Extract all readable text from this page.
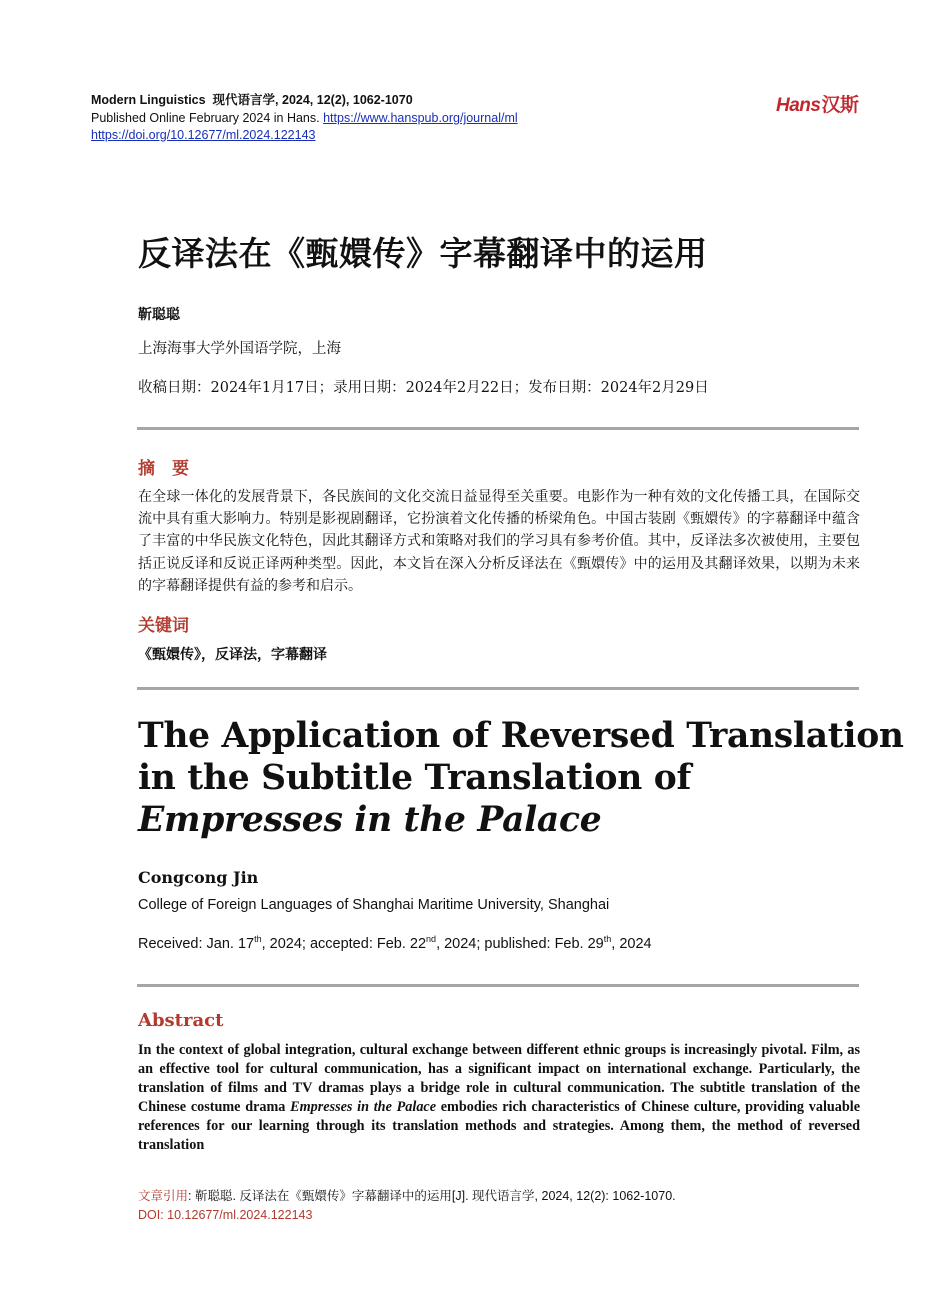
Modern Linguistics 现代语言学, 2024, 12(2), 1062-1070
Published Online February 2024 in Hans. https://www.hanspub.org/journal/ml
https://doi.org/10.12677/ml.2024.122143
Hans汉斯
反译法在《甄嬛传》字幕翻译中的运用
靳聪聪
上海海事大学外国语学院，上海
收稿日期：2024年1月17日；录用日期：2024年2月22日；发布日期：2024年2月29日
摘　要
在全球一体化的发展背景下，各民族间的文化交流日益显得至关重要。电影作为一种有效的文化传播工具，在国际交流中具有重大影响力。特别是影视剧翻译，它扮演着文化传播的桥梁角色。中国古装剧《甄嬛传》的字幕翻译中蕴含了丰富的中华民族文化特色，因此其翻译方式和策略对我们的学习具有参考价值。其中，反译法多次被使用，主要包括正说反译和反说正译两种类型。因此，本文旨在深入分析反译法在《甄嬛传》中的运用及其翻译效果，以期为未来的字幕翻译提供有益的参考和启示。
关键词
《甄嬛传》，反译法，字幕翻译
The Application of Reversed Translation
in the Subtitle Translation of
Empresses in the Palace
Congcong Jin
College of Foreign Languages of Shanghai Maritime University, Shanghai
Received: Jan. 17th, 2024; accepted: Feb. 22nd, 2024; published: Feb. 29th, 2024
Abstract
In the context of global integration, cultural exchange between different ethnic groups is increasingly pivotal. Film, as an effective tool for cultural communication, has a significant impact on international exchange. Particularly, the translation of films and TV dramas plays a bridge role in cultural communication. The subtitle translation of the Chinese costume drama Empresses in the Palace embodies rich characteristics of Chinese culture, providing valuable references for our learning through its translation methods and strategies. Among them, the method of reversed translation
文章引用: 靳聪聪. 反译法在《甄嬛传》字幕翻译中的运用[J]. 现代语言学, 2024, 12(2): 1062-1070.
DOI: 10.12677/ml.2024.122143
